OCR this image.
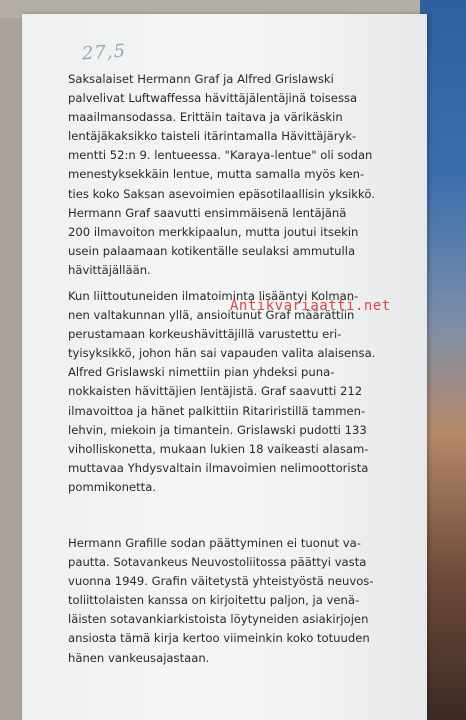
27,5
Saksalaiset Hermann Graf ja Alfred Grislawski
palvelivat Luftwaffessa hävittäjälentäjinä toisessa
maailmansodassa. Erittäin taitava ja värikäskin
lentäjäkaksikko taisteli itärintamalla Hävittäjäryk-
mentti 52:n 9. lentueessa. "Karaya-lentue" oli sodan
menestyksekkäin lentue, mutta samalla myös ken-
ties koko Saksan asevoimien epäsotilaallisin yksikkö.
Hermann Graf saavutti ensimmäisenä lentäjänä
200 ilmavoiton merkkipaalun, mutta joutui itsekin
usein palaamaan kotikentälle seulaksi ammutulla
hävittäjällään.
Kun liittoutuneiden ilmatoiminta lisääntyi Kolman-
nen valtakunnan yllä, ansioitunut Graf määrättiin
perustamaan korkeushävittäjillä varustettu eri-
tyisyksikkö, johon hän sai vapauden valita alaisensa.
Alfred Grislawski nimettiin pian yhdeksi puna-
nokkaisten hävittäjien lentäjistä. Graf saavutti 212
ilmavoittoa ja hänet palkittiin Ritariristillä tammen-
lehvin, miekoin ja timantein. Grislawski pudotti 133
viholliskonetta, mukaan lukien 18 vaikeasti alasam-
muttavaa Yhdysvaltain ilmavoimien nelimoottorista
pommikonetta.
Hermann Grafille sodan päättyminen ei tuonut va-
pautta. Sotavankeus Neuvostoliitossa päättyi vasta
vuonna 1949. Grafin väitetystä yhteistyöstä neuvos-
toliittolaisten kanssa on kirjoitettu paljon, ja venä-
läisten sotavankiarkistoista löytyneiden asiakirjojen
ansiosta tämä kirja kertoo viimeinkin koko totuuden
hänen vankeusajastaan.
Antikvariaatti.net
